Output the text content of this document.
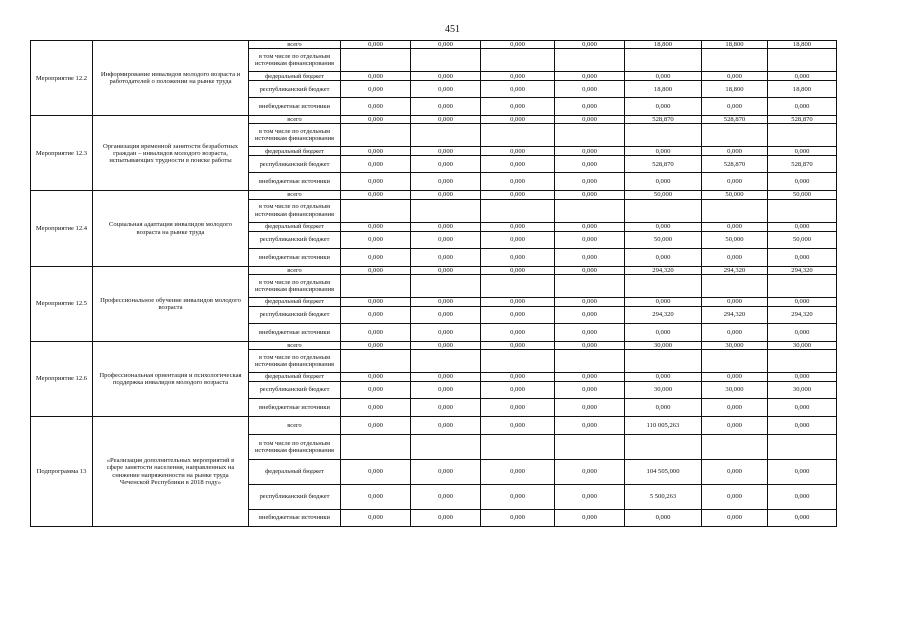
451
Мероприятие 12.2	Информирование инвалидов молодого возраста и работодателей о положении на рынке труда	всего	0,000	0,000	0,000	0,000	18,800	18,800	18,800
		в том числе по отдельным источникам финансирования							
		федеральный бюджет	0,000	0,000	0,000	0,000	0,000	0,000	0,000
		республиканский бюджет	0,000	0,000	0,000	0,000	18,800	18,800	18,800
		внебюджетные источники	0,000	0,000	0,000	0,000	0,000	0,000	0,000
Мероприятие 12.3	Организация временной занятости безработных граждан – инвалидов молодого возраста, испытывающих трудности в поиске работы	всего	0,000	0,000	0,000	0,000	528,870	528,870	528,870
		в том числе по отдельным источникам финансирования							
		федеральный бюджет	0,000	0,000	0,000	0,000	0,000	0,000	0,000
		республиканский бюджет	0,000	0,000	0,000	0,000	528,870	528,870	528,870
		внебюджетные источники	0,000	0,000	0,000	0,000	0,000	0,000	0,000
Мероприятие 12.4	Социальная адаптация инвалидов молодого возраста на рынке труда	всего	0,000	0,000	0,000	0,000	50,000	50,000	50,000
		в том числе по отдельным источникам финансирования							
		федеральный бюджет	0,000	0,000	0,000	0,000	0,000	0,000	0,000
		республиканский бюджет	0,000	0,000	0,000	0,000	50,000	50,000	50,000
		внебюджетные источники	0,000	0,000	0,000	0,000	0,000	0,000	0,000
Мероприятие 12.5	Профессиональное обучение инвалидов молодого возраста	всего	0,000	0,000	0,000	0,000	294,320	294,320	294,320
		в том числе по отдельным источникам финансирования							
		федеральный бюджет	0,000	0,000	0,000	0,000	0,000	0,000	0,000
		республиканский бюджет	0,000	0,000	0,000	0,000	294,320	294,320	294,320
		внебюджетные источники	0,000	0,000	0,000	0,000	0,000	0,000	0,000
Мероприятие 12.6	Профессиональная ориентация и психологическая поддержка инвалидов молодого возраста	всего	0,000	0,000	0,000	0,000	30,000	30,000	30,000
		в том числе по отдельным источникам финансирования							
		федеральный бюджет	0,000	0,000	0,000	0,000	0,000	0,000	0,000
		республиканский бюджет	0,000	0,000	0,000	0,000	30,000	30,000	30,000
		внебюджетные источники	0,000	0,000	0,000	0,000	0,000	0,000	0,000
Подпрограмма 13	«Реализация дополнительных мероприятий в сфере занятости населения, направленных на снижение напряженности на рынке труда Чеченской Республики в 2018 году»	всего	0,000	0,000	0,000	0,000	110 005,263	0,000	0,000
		в том числе по отдельным источникам финансирования							
		федеральный бюджет	0,000	0,000	0,000	0,000	104 505,000	0,000	0,000
		республиканский бюджет	0,000	0,000	0,000	0,000	5 500,263	0,000	0,000
		внебюджетные источники	0,000	0,000	0,000	0,000	0,000	0,000	0,000
